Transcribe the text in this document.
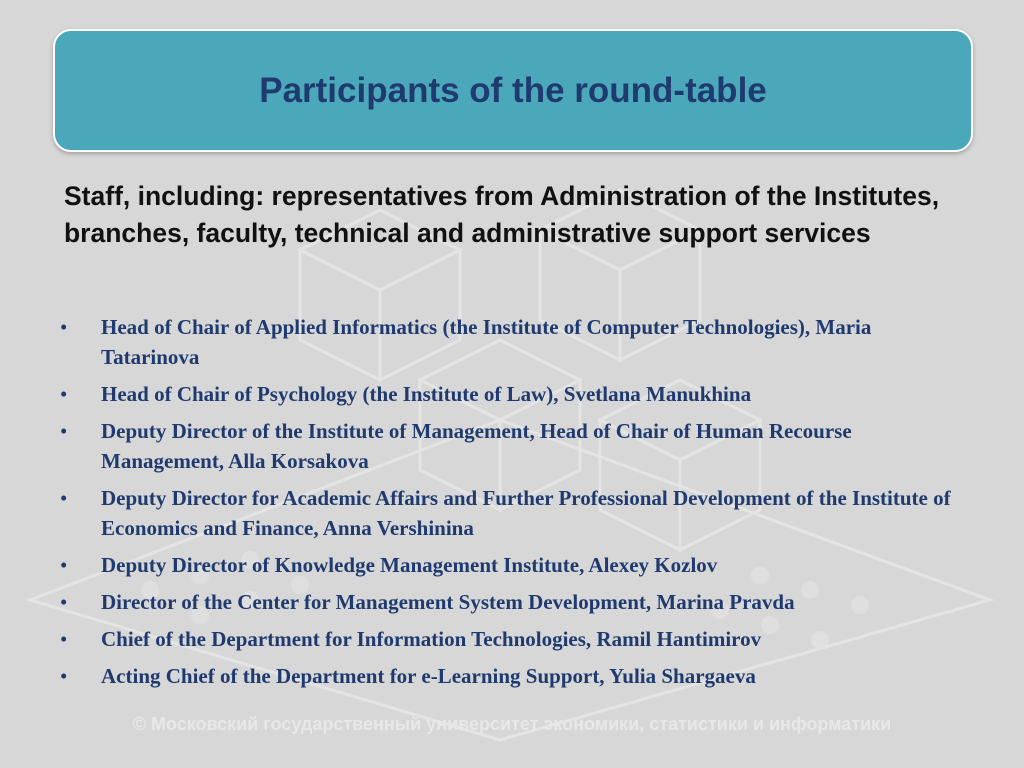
Participants of the round-table
Staff, including: representatives from Administration of the Institutes, branches, faculty, technical and administrative support services
• Head of Chair of Applied Informatics (the Institute of Computer Technologies), Maria Tatarinova
• Head of Chair of Psychology (the Institute of Law), Svetlana Manukhina
• Deputy Director of the Institute of Management, Head of Chair of Human Recourse Management, Alla Korsakova
• Deputy Director for Academic Affairs and Further Professional Development of the Institute of Economics and Finance, Anna Vershinina
• Deputy Director of Knowledge Management Institute, Alexey Kozlov
• Director of the Center for Management System Development, Marina Pravda
• Chief of the Department for Information Technologies, Ramil Hantimirov
• Acting Chief of the Department for e-Learning Support, Yulia Shargaeva
© Московский государственный университет экономики, статистики и информатики
